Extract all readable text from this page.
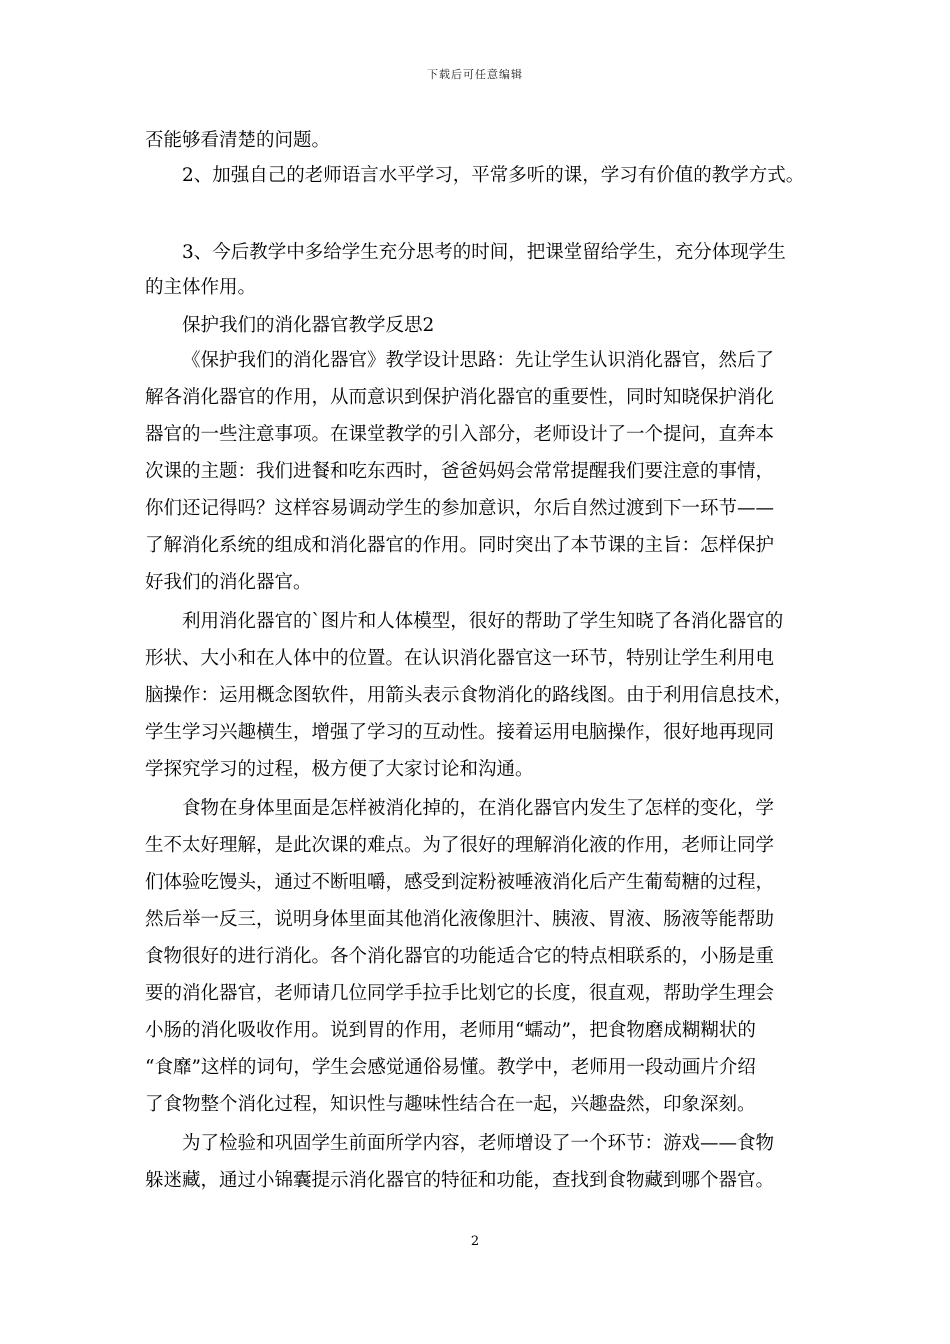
下载后可任意编辑
否能够看清楚的问题。
2、加强自己的老师语言水平学习，平常多听的课，学习有价值的教学方式。
3、今后教学中多给学生充分思考的时间，把课堂留给学生，充分体现学生
的主体作用。
保护我们的消化器官教学反思2
《保护我们的消化器官》教学设计思路：先让学生认识消化器官，然后了
解各消化器官的作用，从而意识到保护消化器官的重要性，同时知晓保护消化
器官的一些注意事项。在课堂教学的引入部分，老师设计了一个提问，直奔本
次课的主题：我们进餐和吃东西时，爸爸妈妈会常常提醒我们要注意的事情，
你们还记得吗？这样容易调动学生的参加意识，尔后自然过渡到下一环节——
了解消化系统的组成和消化器官的作用。同时突出了本节课的主旨：怎样保护
好我们的消化器官。
利用消化器官的`图片和人体模型，很好的帮助了学生知晓了各消化器官的
形状、大小和在人体中的位置。在认识消化器官这一环节，特别让学生利用电
脑操作：运用概念图软件，用箭头表示食物消化的路线图。由于利用信息技术，
学生学习兴趣横生，增强了学习的互动性。接着运用电脑操作，很好地再现同
学探究学习的过程，极方便了大家讨论和沟通。
食物在身体里面是怎样被消化掉的，在消化器官内发生了怎样的变化，学
生不太好理解，是此次课的难点。为了很好的理解消化液的作用，老师让同学
们体验吃馒头，通过不断咀嚼，感受到淀粉被唾液消化后产生葡萄糖的过程，
然后举一反三，说明身体里面其他消化液像胆汁、胰液、胃液、肠液等能帮助
食物很好的进行消化。各个消化器官的功能适合它的特点相联系的，小肠是重
要的消化器官，老师请几位同学手拉手比划它的长度，很直观，帮助学生理会
小肠的消化吸收作用。说到胃的作用，老师用“蠕动”，把食物磨成糊糊状的
“食靡”这样的词句，学生会感觉通俗易懂。教学中，老师用一段动画片介绍
了食物整个消化过程，知识性与趣味性结合在一起，兴趣盎然，印象深刻。
为了检验和巩固学生前面所学内容，老师增设了一个环节：游戏——食物
躲迷藏，通过小锦囊提示消化器官的特征和功能，查找到食物藏到哪个器官。
2
